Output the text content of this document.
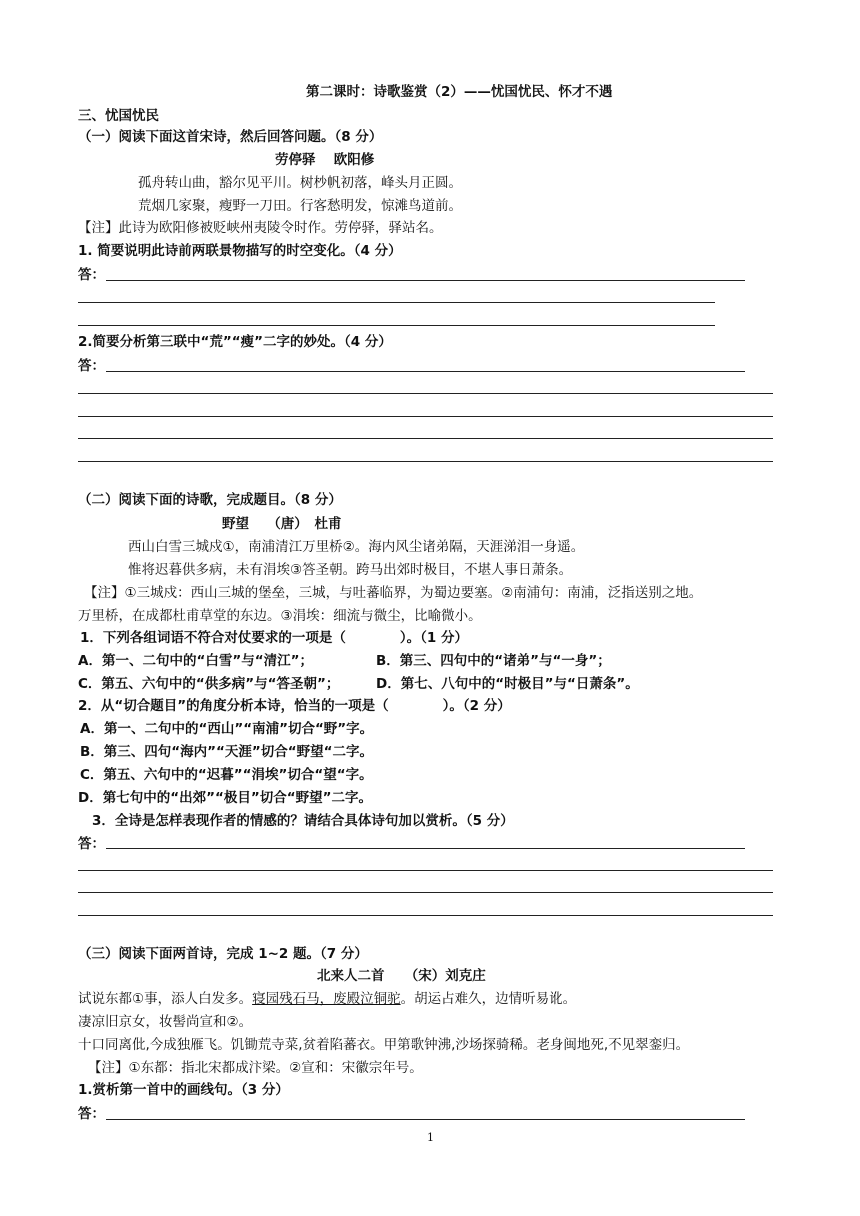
第二课时：诗歌鉴赏（2）——忧国忧民、怀才不遇
三、忧国忧民
（一）阅读下面这首宋诗，然后回答问题。（8 分）
劳停驿　 欧阳修
孤舟转山曲，豁尔见平川。树杪帆初落，峰头月正圆。
荒烟几家聚，瘦野一刀田。行客愁明发，惊滩鸟道前。
【注】此诗为欧阳修被贬峡州夷陵令时作。劳停驿，驿站名。
1. 简要说明此诗前两联景物描写的时空变化。（4 分）
答：
2.简要分析第三联中“荒”“瘦”二字的妙处。（4 分）
答：
（二）阅读下面的诗歌，完成题目。（8 分）
野望　 （唐）　杜甫
西山白雪三城戍①，南浦清江万里桥②。海内风尘诸弟隔，天涯涕泪一身遥。
惟将迟暮供多病，未有涓埃③答圣朝。跨马出郊时极目，不堪人事日萧条。
【注】①三城戍：西山三城的堡垒，三城，与吐蕃临界，为蜀边要塞。②南浦句：南浦，泛指送别之地。
万里桥，在成都杜甫草堂的东边。③涓埃：细流与微尘，比喻微小。
1．下列各组词语不符合对仗要求的一项是（　　　　）。（1 分）
A．第一、二句中的“白雪”与“清江”；	B．第三、四句中的“诸弟”与“一身”；
C．第五、六句中的“供多病”与“答圣朝”；	D．第七、八句中的“时极目”与“日萧条”。
2．从“切合题目”的角度分析本诗，恰当的一项是（　　　　）。（2 分）
A．第一、二句中的“西山”“南浦”切合“野”字。
B．第三、四句“海内”“天涯”切合“野望“二字。
C．第五、六句中的“迟暮”“涓埃”切合“望“字。
D．第七句中的“出郊”“极目”切合“野望”二字。
3．全诗是怎样表现作者的情感的？请结合具体诗句加以赏析。（5 分）
答：
（三）阅读下面两首诗，完成 1~2 题。（7 分）
北来人二首　　（宋）刘克庄
试说东都①事，添人白发多。寝园残石马，废殿泣铜驼。胡运占难久，边情听易讹。
凄凉旧京女，妆髻尚宣和②。
十口同离仳,今成独雁飞。饥锄荒寺菜,贫着陷蕃衣。甲第歌钟沸,沙场探骑稀。老身闽地死,不见翠銮归。
【注】①东都：指北宋都成汴梁。②宣和：宋徽宗年号。
1.赏析第一首中的画线句。（3 分）
答：
1
